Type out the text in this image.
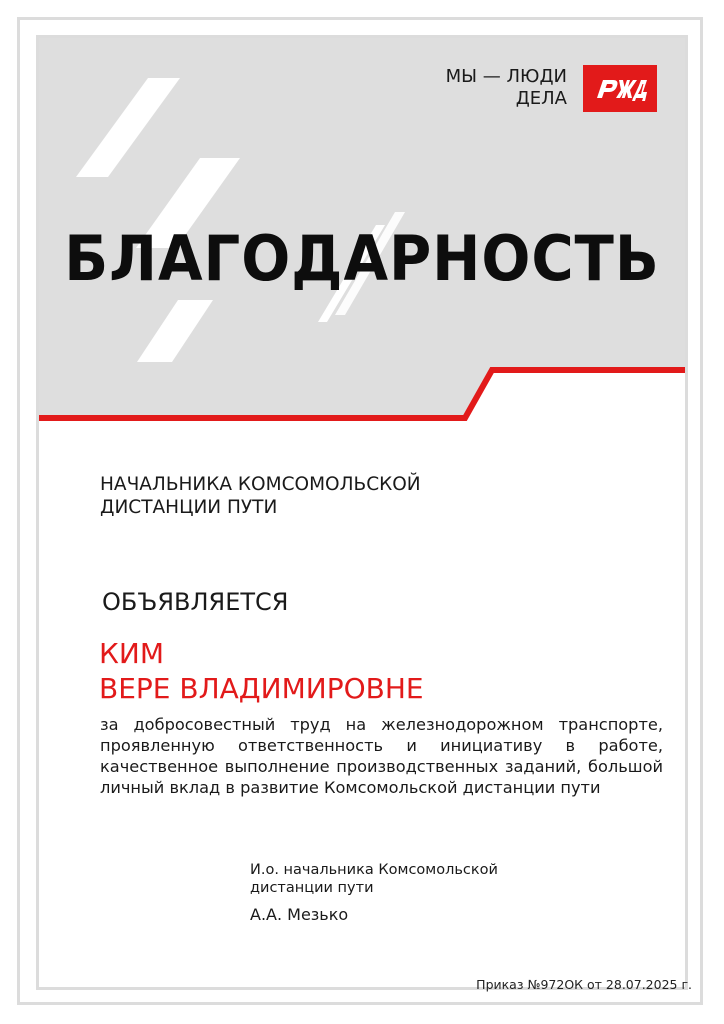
МЫ — ЛЮДИ
ДЕЛА
БЛАГОДАРНОСТЬ
НАЧАЛЬНИКА КОМСОМОЛЬСКОЙ
ДИСТАНЦИИ ПУТИ
ОБЪЯВЛЯЕТСЯ
КИМ
ВЕРЕ ВЛАДИМИРОВНЕ
за добросовестный труд на железнодорожном транспорте, проявленную ответственность и инициативу в работе, качественное выполнение производственных заданий, большой личный вклад в развитие Комсомольской дистанции пути
И.о. начальника Комсомольской
дистанции пути
А.А. Мезько
Приказ №972ОК от 28.07.2025 г.
